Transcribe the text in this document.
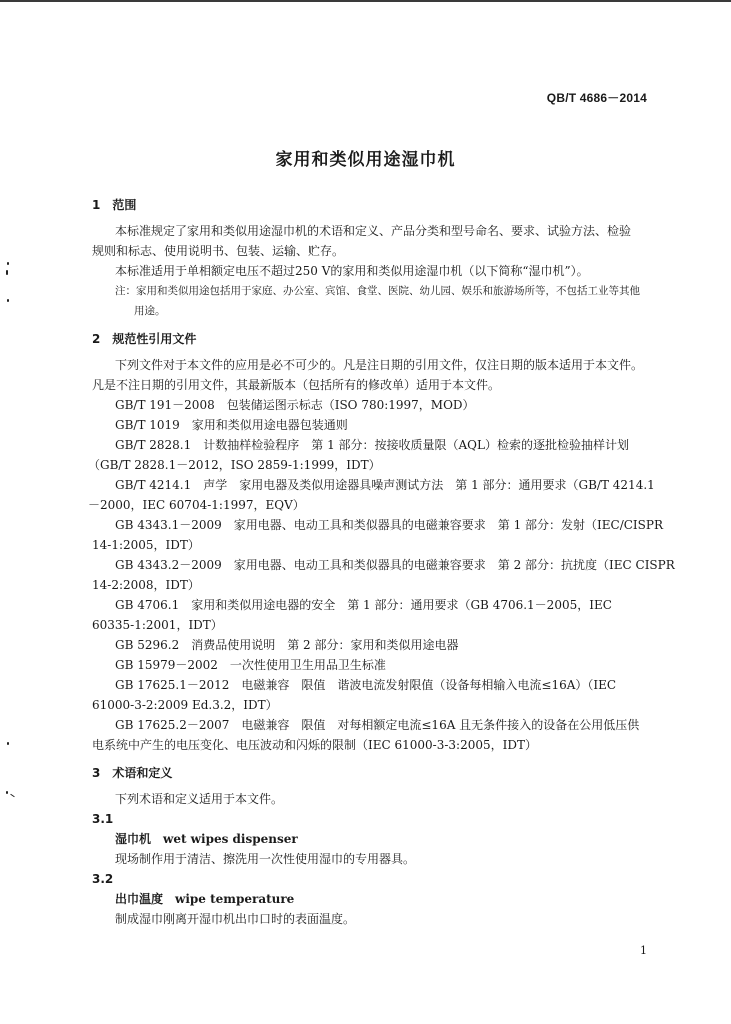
QB/T 4686－2014
家用和类似用途湿巾机
1　范围
本标准规定了家用和类似用途湿巾机的术语和定义、产品分类和型号命名、要求、试验方法、检验
规则和标志、使用说明书、包装、运输、贮存。
本标准适用于单相额定电压不超过250 V的家用和类似用途湿巾机（以下简称“湿巾机”）。
注：家用和类似用途包括用于家庭、办公室、宾馆、食堂、医院、幼儿园、娱乐和旅游场所等，不包括工业等其他
用途。
2　规范性引用文件
下列文件对于本文件的应用是必不可少的。凡是注日期的引用文件，仅注日期的版本适用于本文件。
凡是不注日期的引用文件，其最新版本（包括所有的修改单）适用于本文件。
GB/T 191－2008　包装储运图示标志（ISO 780:1997，MOD）
GB/T 1019　家用和类似用途电器包装通则
GB/T 2828.1　计数抽样检验程序　第 1 部分：按接收质量限（AQL）检索的逐批检验抽样计划
（GB/T 2828.1－2012，ISO 2859-1:1999，IDT）
GB/T 4214.1　声学　家用电器及类似用途器具噪声测试方法　第 1 部分：通用要求（GB/T 4214.1
－2000，IEC 60704-1:1997，EQV）
GB 4343.1－2009　家用电器、电动工具和类似器具的电磁兼容要求　第 1 部分：发射（IEC/CISPR
14-1:2005，IDT）
GB 4343.2－2009　家用电器、电动工具和类似器具的电磁兼容要求　第 2 部分：抗扰度（IEC CISPR
14-2:2008，IDT）
GB 4706.1　家用和类似用途电器的安全　第 1 部分：通用要求（GB 4706.1－2005，IEC
60335-1:2001，IDT）
GB 5296.2　消费品使用说明　第 2 部分：家用和类似用途电器
GB 15979－2002　一次性使用卫生用品卫生标准
GB 17625.1－2012　电磁兼容　限值　谐波电流发射限值（设备每相输入电流≤16A）（IEC
61000-3-2:2009 Ed.3.2，IDT）
GB 17625.2－2007　电磁兼容　限值　对每相额定电流≤16A 且无条件接入的设备在公用低压供
电系统中产生的电压变化、电压波动和闪烁的限制（IEC 61000-3-3:2005，IDT）
3　术语和定义
下列术语和定义适用于本文件。
3.1
湿巾机　wet wipes dispenser
现场制作用于清洁、擦洗用一次性使用湿巾的专用器具。
3.2
出巾温度　wipe temperature
制成湿巾刚离开湿巾机出巾口时的表面温度。
1
